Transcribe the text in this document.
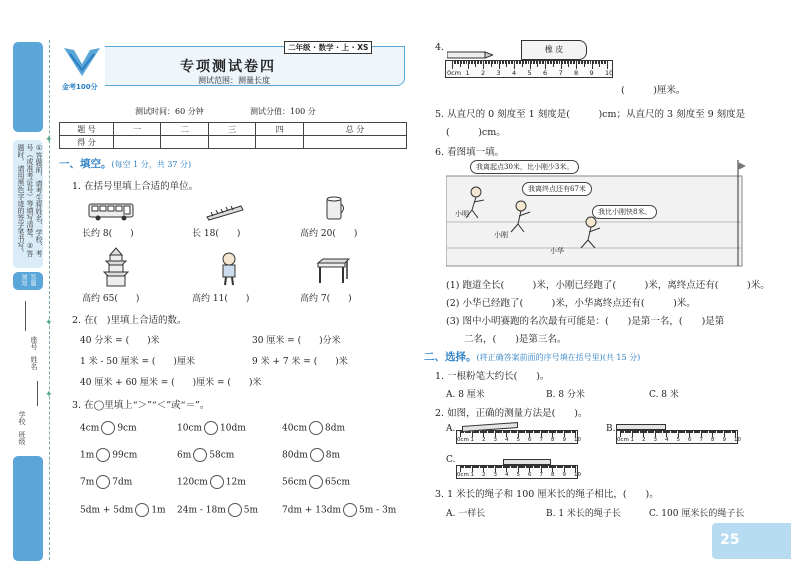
①答题前，请考生将姓名、学校、考号（或准考证号）等填写清楚。②答题时，请用黑色字迹的签字笔书写。
答题须知
座号
姓名
学校
班级
✦
✦
✦
金考100分
二年级 · 数学 · 上 · XS
专项测试卷四
测试范围：测量长度
测试时间：60 分钟	测试分值：100 分
题 号	一	二	三	四	总 分
得 分					
一、填空。(每空 1 分，共 37 分)
1. 在括号里填上合适的单位。
长约 8(　　)	长 18(　　)	高约 20(　　)
高约 65(　　)	高约 11(　　)	高约 7(　　)
2. 在(　)里填上合适的数。
40 分米 = (　　)米	30 厘米 = (　　)分米
1 米 - 50 厘米 = (　　)厘米	9 米 + 7 米 = (　　)米
40 厘米 + 60 厘米 = (　　)厘米 = (　　)米
3. 在◯里填上“＞”“＜”或“＝”。
4cm 9cm	10cm 10dm	40cm 8dm
1m 99cm	6m 58cm	80dm 8m
7m 7dm	120cm 12m	56cm 65cm
5dm + 5dm 1m 24m - 18m 5m	7dm + 13dm 5m - 3m
4.	橡 皮
0cm 1 2 3 4 5 6 7 8 9 10
(　　　)厘米。
5. 从直尺的 0 刻度至 1 刻度是(　　　)cm；从直尺的 3 刻度至 9 刻度是
(　　　)cm。
6. 看图填一填。
我离起点30米，比小刚少3米。
我离终点还有67米
我比小刚快8米。
小明
小刚
小华
(1) 跑道全长(　　　)米，小刚已经跑了(　　　)米，离终点还有(　　　)米。
(2) 小华已经跑了(　　　)米，小华离终点还有(　　　)米。
(3) 图中小明赛跑的名次最有可能是：(　　)是第一名，(　　)是第
二名，(　　)是第三名。
二、选择。(将正确答案前面的序号填在括号里)(共 15 分)
1. 一根粉笔大约长(　　)。
A. 8 厘米	B. 8 分米	C. 8 米
2. 如图，正确的测量方法是(　　)。
A.	B.
C.
0cm 1 2 3 4 5 6 7 8 9 10	0cm 1 2 3 4 5 6 7 8 9 10
0cm 1 2 3 4 5 6 7 8 9 10
3. 1 米长的绳子和 100 厘米长的绳子相比，(　　)。
A. 一样长	B. 1 米长的绳子长	C. 100 厘米长的绳子长
25
